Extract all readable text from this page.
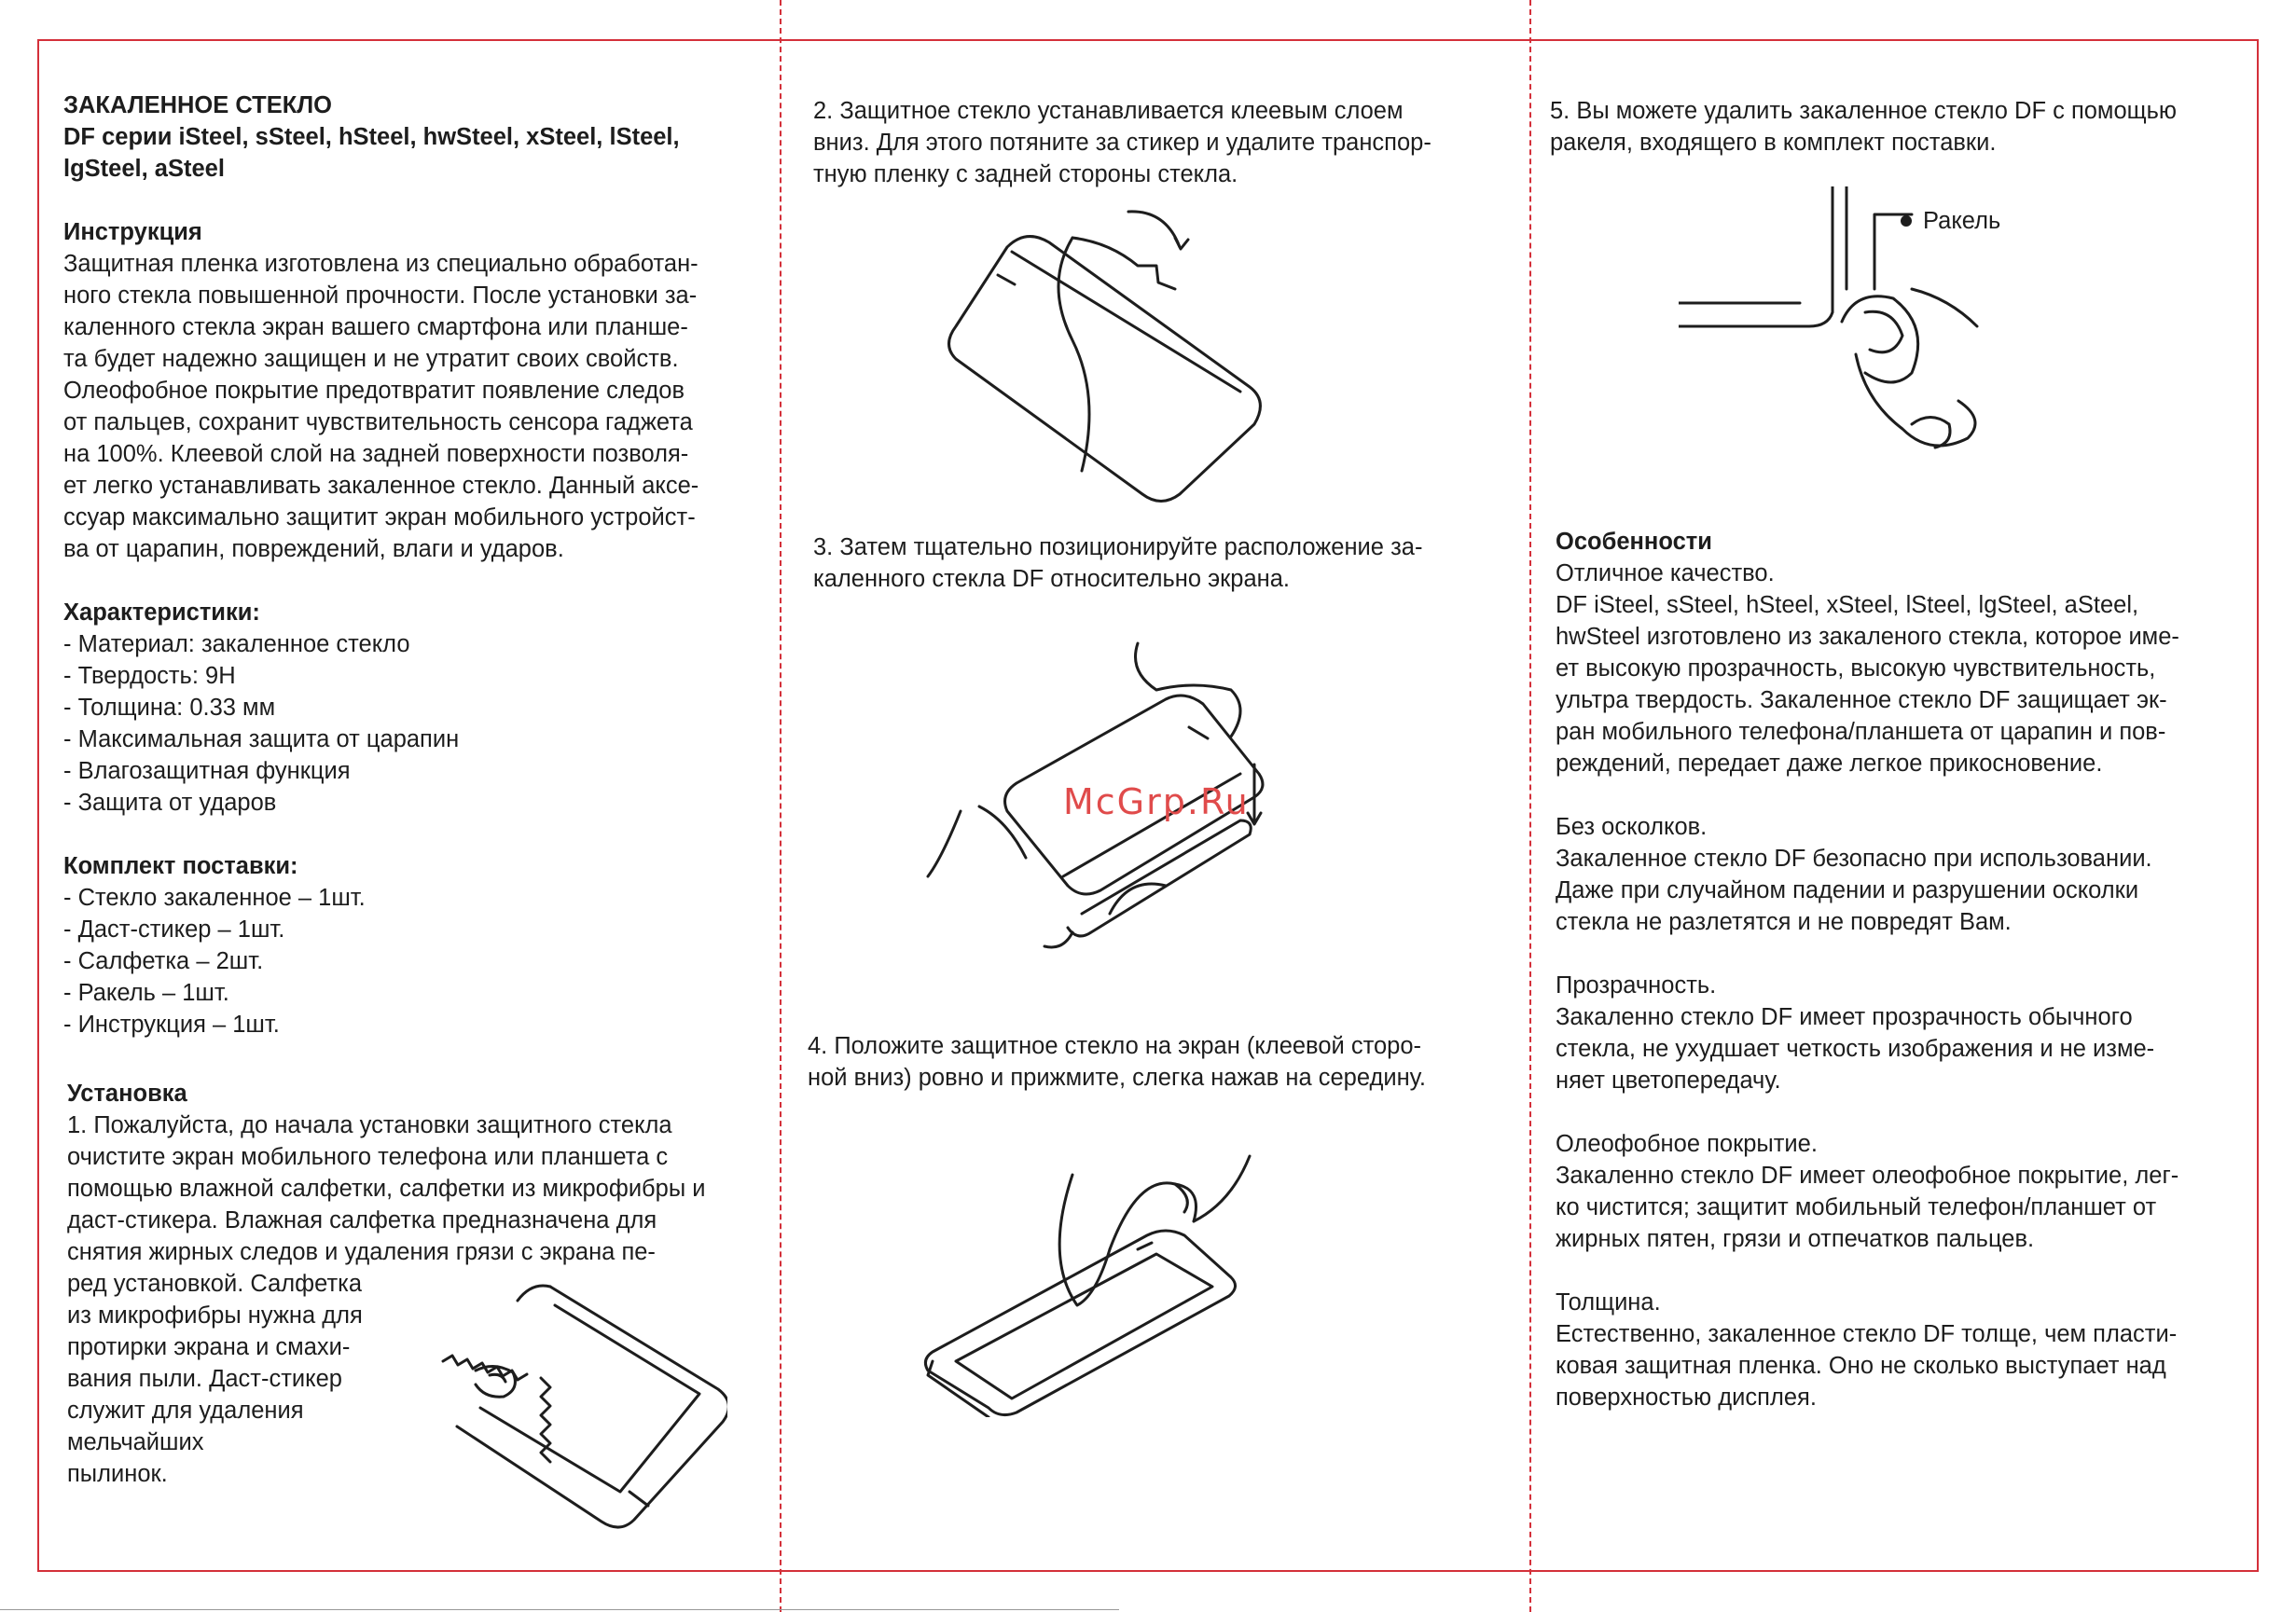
ЗАКАЛЕННОЕ СТЕКЛО

DF серии iSteel, sSteel, hSteel, hwSteel, xSteel, lSteel,

lgSteel, aSteel

Инструкция

Защитная пленка изготовлена из специально обработан-

ного стекла повышенной прочности. После установки за-

каленного стекла экран вашего смартфона или планше-

та будет надежно защищен и не утратит своих свойств.

Олеофобное покрытие предотвратит появление следов

от пальцев, сохранит чувствительность сенсора гаджета

на 100%. Клеевой слой на задней поверхности позволя-

ет легко устанавливать закаленное стекло. Данный аксе-

ссуар максимально защитит экран мобильного устройст-

ва от царапин, повреждений, влаги и ударов.

Характеристики:

- Материал: закаленное стекло

- Твердость: 9H

- Толщина: 0.33 мм

- Максимальная защита от царапин

- Влагозащитная функция

- Защита от ударов

Комплект поставки:

- Стекло закаленное – 1шт.

- Даст-стикер – 1шт.

- Салфетка – 2шт.

- Ракель – 1шт.

- Инструкция – 1шт.

Установка

1. Пожалуйста, до начала установки защитного стекла

очистите экран мобильного телефона или планшета с

помощью влажной салфетки, салфетки из микрофибры и

даст-стикера. Влажная салфетка предназначена для

снятия жирных следов и удаления грязи с экрана пе-

ред установкой. Салфетка

из микрофибры нужна для

протирки экрана и смахи-

вания пыли. Даст-стикер

служит для удаления

мельчайших

пылинок.

2. Защитное стекло устанавливается клеевым слоем

вниз. Для этого потяните за стикер и удалите транспор-

тную пленку с задней стороны стекла.

3. Затем тщательно позиционируйте расположение за-

каленного стекла DF относительно экрана.

4. Положите защитное стекло на экран (клеевой сторо-

ной вниз) ровно и прижмите, слегка нажав на середину.

McGrp.Ru

5. Вы можете удалить закаленное стекло DF с помощью

ракеля, входящего в комплект поставки.

Ракель

Особенности

Отличное качество.

DF iSteel, sSteel, hSteel, xSteel, lSteel, lgSteel, aSteel,

hwSteel изготовлено из закаленого стекла, которое име-

ет высокую прозрачность, высокую чувствительность,

ультра твердость. Закаленное стекло DF защищает эк-

ран мобильного телефона/планшета от царапин и пов-

реждений, передает даже легкое прикосновение.

Без осколков.

Закаленное стекло DF безопасно при использовании.

Даже при случайном падении и разрушении осколки

стекла не разлетятся и не повредят Вам.

Прозрачность.

Закаленно стекло DF имеет прозрачность обычного

стекла, не ухудшает четкость изображения и не изме-

няет цветопередачу.

Олеофобное покрытие.

Закаленно стекло DF имеет олеофобное покрытие, лег-

ко чистится; защитит мобильный телефон/планшет от

жирных пятен, грязи и отпечатков пальцев.

Толщина.

Естественно, закаленное стекло DF толще, чем пласти-

ковая защитная пленка. Оно не сколько выступает над

поверхностью дисплея.
